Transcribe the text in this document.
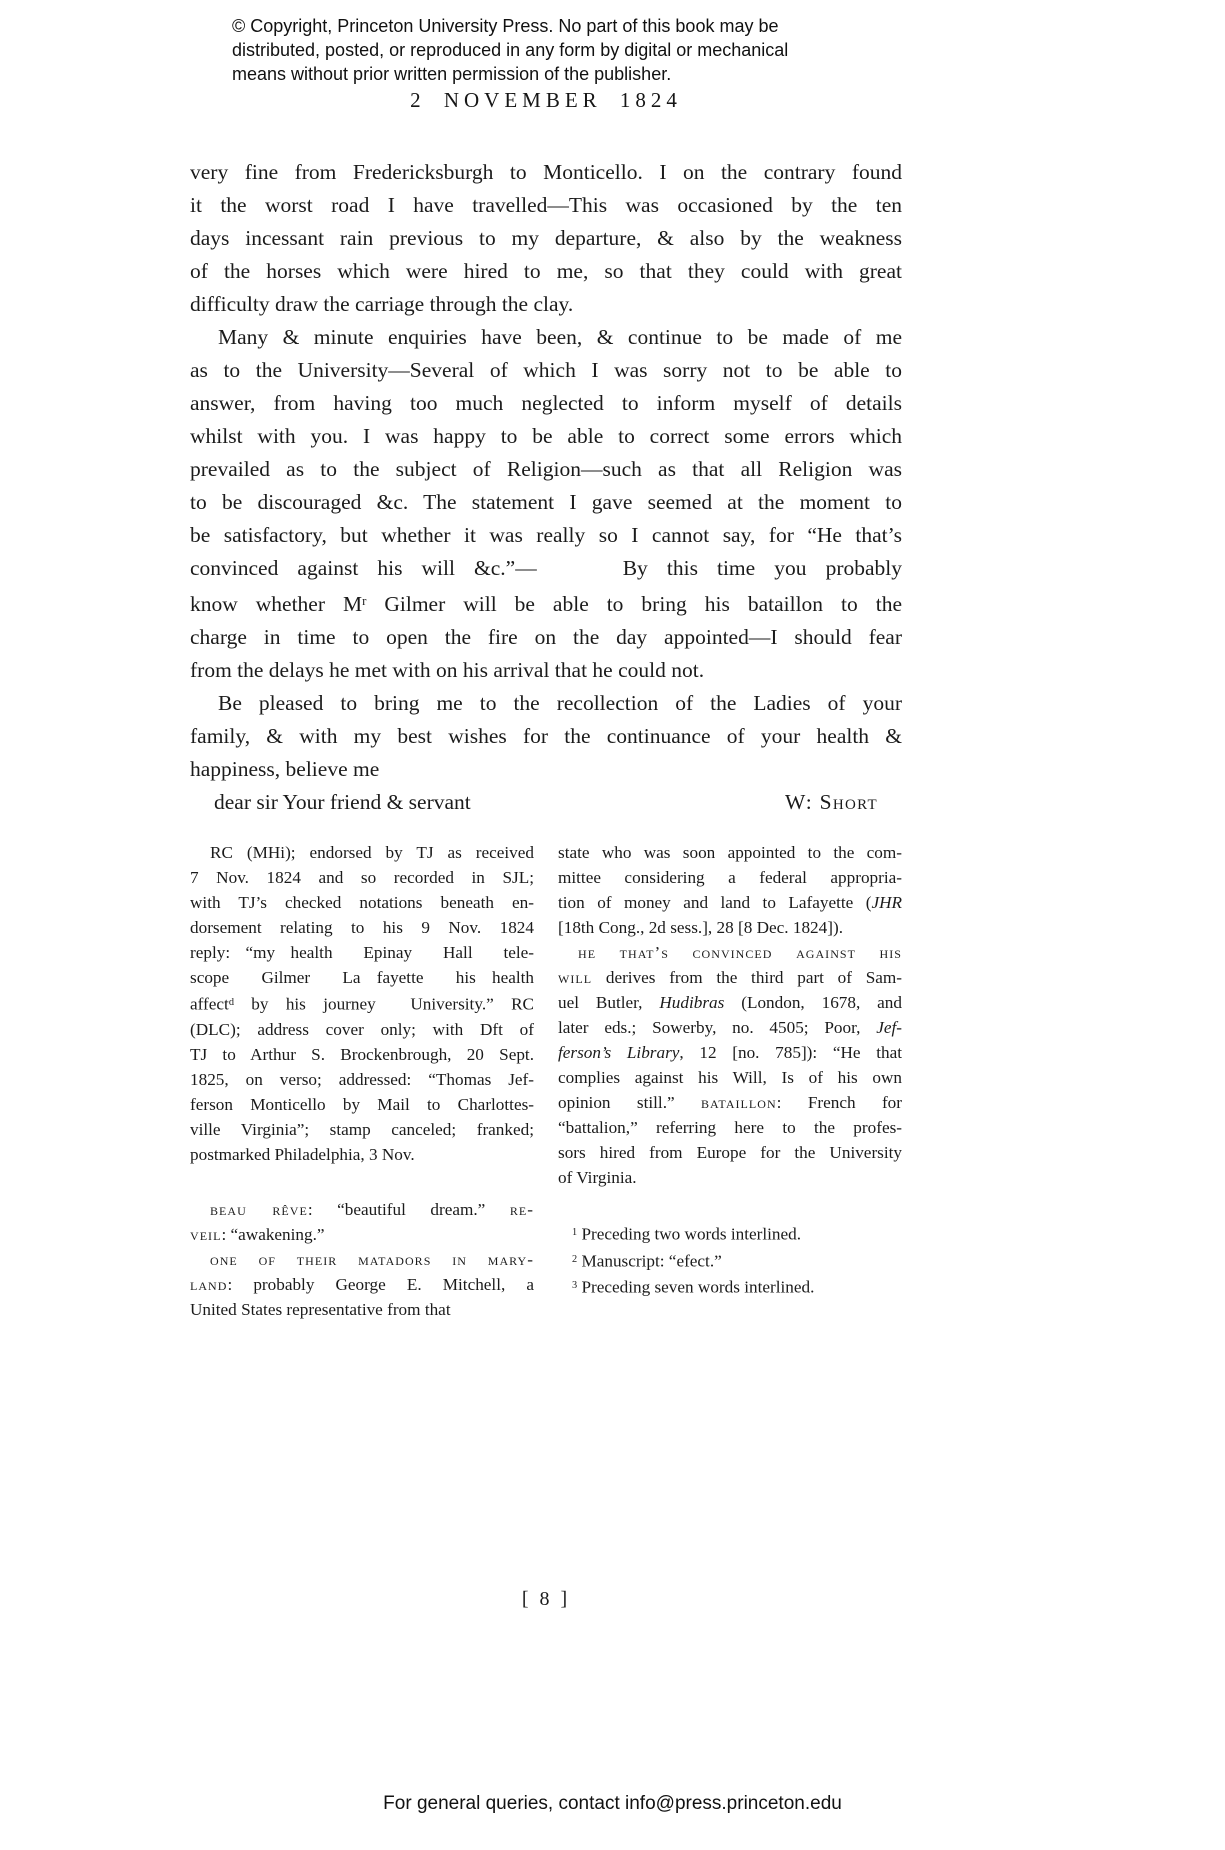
© Copyright, Princeton University Press. No part of this book may be
distributed, posted, or reproduced in any form by digital or mechanical
means without prior written permission of the publisher.
2 NOVEMBER 1824
very fine from Fredericksburgh to Monticello. I on the contrary found
it the worst road I have travelled—This was occasioned by the ten
days incessant rain previous to my departure, & also by the weakness
of the horses which were hired to me, so that they could with great
difficulty draw the carriage through the clay.
Many & minute enquiries have been, & continue to be made of me
as to the University—Several of which I was sorry not to be able to
answer, from having too much neglected to inform myself of details
whilst with you. I was happy to be able to correct some errors which
prevailed as to the subject of Religion—such as that all Religion was
to be discouraged &c. The statement I gave seemed at the moment to
be satisfactory, but whether it was really so I cannot say, for “He that’s
convinced against his will &c.”—	By this time you probably
know whether $M^r$ Gilmer will be able to bring his bataillon to the
charge in time to open the fire on the day appointed—I should fear
from the delays he met with on his arrival that he could not.
Be pleased to bring me to the recollection of the Ladies of your
family, & with my best wishes for the continuance of your health &
happiness, believe me
dear sir Your friend & servant	W: Short
RC (MHi); endorsed by TJ as received
7 Nov. 1824 and so recorded in SJL;
with TJ’s checked notations beneath en-
dorsement relating to his 9 Nov. 1824
reply: “my health  Epinay  Hall  tele-
scope  Gilmer  La fayette  his health
affect$^d$ by his journey  University.” RC
(DLC); address cover only; with Dft of
TJ to Arthur S. Brockenbrough, 20 Sept.
1825, on verso; addressed: “Thomas Jef-
ferson Monticello by Mail to Charlottes-
ville Virginia”; stamp canceled; franked;
postmarked Philadelphia, 3 Nov.
beau rêve: “beautiful dream.” re-
veil: “awakening.”
one of their matadors in mary-
land: probably George E. Mitchell, a
United States representative from that
state who was soon appointed to the com-
mittee considering a federal appropria-
tion of money and land to Lafayette (JHR
[18th Cong., 2d sess.], 28 [8 Dec. 1824]).
he that’s convinced against his
will derives from the third part of Sam-
uel Butler, Hudibras (London, 1678, and
later eds.; Sowerby, no. 4505; Poor, Jef-
ferson’s Library, 12 [no. 785]): “He that
complies against his Will, Is of his own
opinion still.” bataillon: French for
“battalion,” referring here to the profes-
sors hired from Europe for the University
of Virginia.
$^1$ Preceding two words interlined.
$^2$ Manuscript: “efect.”
$^3$ Preceding seven words interlined.
[ 8 ]
For general queries, contact info@press.princeton.edu
